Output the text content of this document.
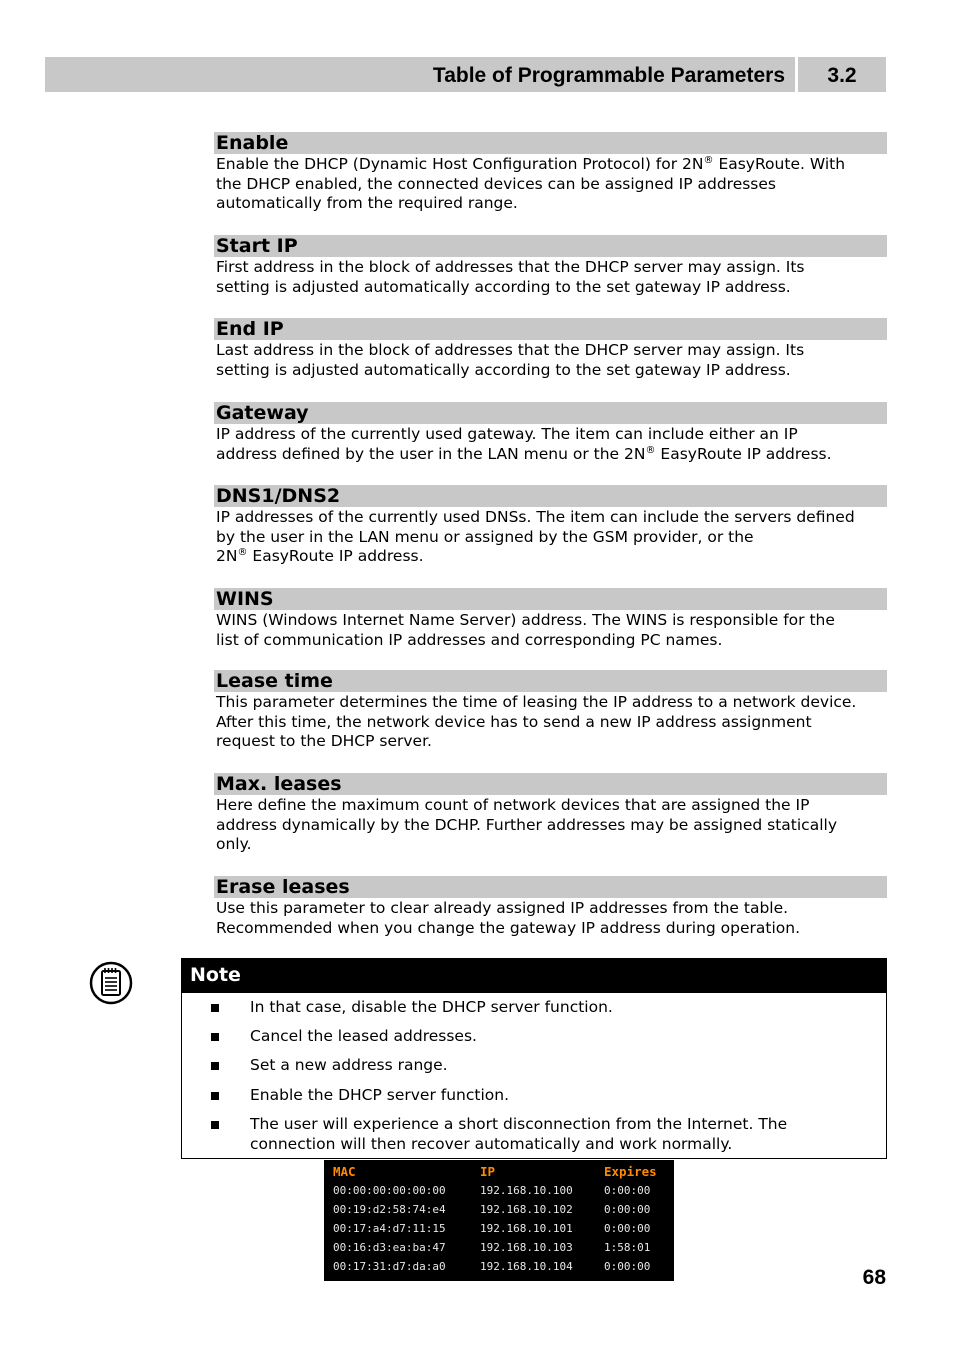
Table of Programmable Parameters	3.2
Enable
Enable the DHCP (Dynamic Host Configuration Protocol) for 2N® EasyRoute. With
the DHCP enabled, the connected devices can be assigned IP addresses
automatically from the required range.
Start IP
First address in the block of addresses that the DHCP server may assign. Its
setting is adjusted automatically according to the set gateway IP address.
End IP
Last address in the block of addresses that the DHCP server may assign. Its
setting is adjusted automatically according to the set gateway IP address.
Gateway
IP address of the currently used gateway. The item can include either an IP
address defined by the user in the LAN menu or the 2N® EasyRoute IP address.
DNS1/DNS2
IP addresses of the currently used DNSs. The item can include the servers defined
by the user in the LAN menu or assigned by the GSM provider, or the
2N® EasyRoute IP address.
WINS
WINS (Windows Internet Name Server) address. The WINS is responsible for the
list of communication IP addresses and corresponding PC names.
Lease time
This parameter determines the time of leasing the IP address to a network device.
After this time, the network device has to send a new IP address assignment
request to the DHCP server.
Max. leases
Here define the maximum count of network devices that are assigned the IP
address dynamically by the DCHP. Further addresses may be assigned statically
only.
Erase leases
Use this parameter to clear already assigned IP addresses from the table.
Recommended when you change the gateway IP address during operation.
Note
In that case, disable the DHCP server function.
Cancel the leased addresses.
Set a new address range.
Enable the DHCP server function.
The user will experience a short disconnection from the Internet. The
connection will then recover automatically and work normally.
MAC	IP	Expires
00:00:00:00:00:00	192.168.10.100	0:00:00
00:19:d2:58:74:e4	192.168.10.102	0:00:00
00:17:a4:d7:11:15	192.168.10.101	0:00:00
00:16:d3:ea:ba:47	192.168.10.103	1:58:01
00:17:31:d7:da:a0	192.168.10.104	0:00:00	68
